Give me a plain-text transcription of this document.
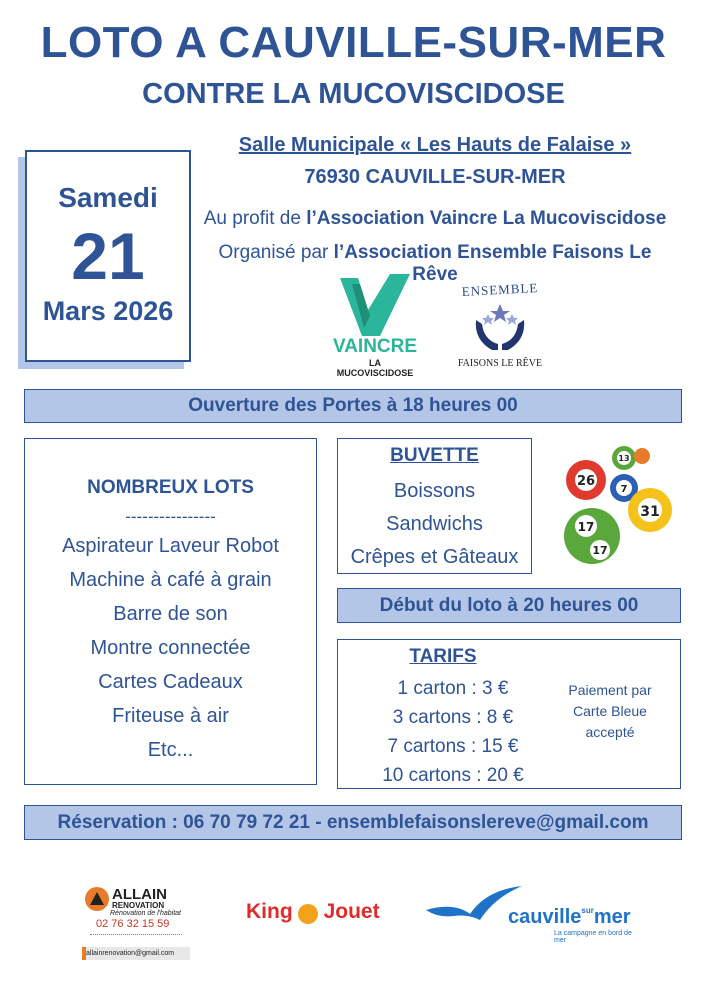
LOTO A CAUVILLE-SUR-MER
CONTRE LA MUCOVISCIDOSE
Samedi
21
Mars 2026
Salle Municipale « Les Hauts de Falaise »
76930 CAUVILLE-SUR-MER
Au profit de l’Association Vaincre La Mucoviscidose
Organisé par l’Association Ensemble Faisons Le Rêve
VAINCRE
LA MUCOVISCIDOSE
ENSEMBLE
FAISONS LE RÊVE
Ouverture des Portes à 18 heures 00
NOMBREUX LOTS
----------------
Aspirateur Laveur Robot
Machine à café à grain
Barre de son
Montre connectée
Cartes Cadeaux
Friteuse à air
Etc...
BUVETTE
Boissons
Sandwichs
Crêpes et Gâteaux
26
13
7
31
17
17
Début du loto à 20 heures 00
TARIFS
1 carton : 3 €
3 cartons : 8 €
7 cartons : 15 €
10 cartons : 20 €
Paiement par
Carte Bleue
accepté
Réservation : 06 70 79 72 21 - ensemblefaisonslereve@gmail.com
ALLAIN
RENOVATION
Rénovation de l'habitat
02 76 32 15 59
allainrenovation@gmail.com
King Jouet	cauville$^{sur}$mer
La campagne en bord de mer
